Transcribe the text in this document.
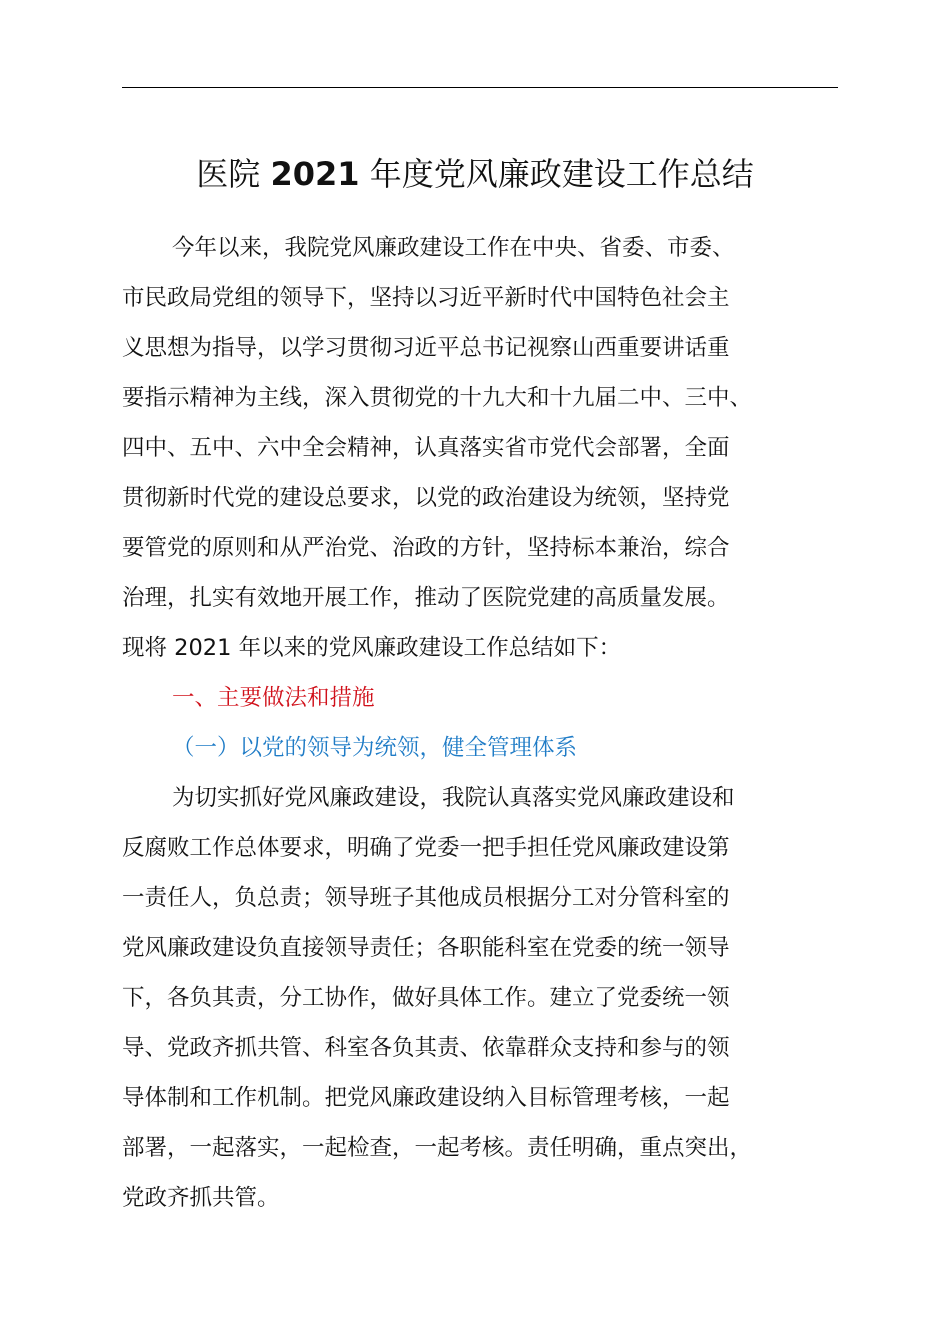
医院 2021 年度党风廉政建设工作总结
今年以来，我院党风廉政建设工作在中央、省委、市委、
市民政局党组的领导下，坚持以习近平新时代中国特色社会主
义思想为指导，以学习贯彻习近平总书记视察山西重要讲话重
要指示精神为主线，深入贯彻党的十九大和十九届二中、三中、
四中、五中、六中全会精神，认真落实省市党代会部署，全面
贯彻新时代党的建设总要求，以党的政治建设为统领，坚持党
要管党的原则和从严治党、治政的方针，坚持标本兼治，综合
治理，扎实有效地开展工作，推动了医院党建的高质量发展。
现将 2021 年以来的党风廉政建设工作总结如下：
一、主要做法和措施
（一）以党的领导为统领，健全管理体系
为切实抓好党风廉政建设，我院认真落实党风廉政建设和
反腐败工作总体要求，明确了党委一把手担任党风廉政建设第
一责任人，负总责；领导班子其他成员根据分工对分管科室的
党风廉政建设负直接领导责任；各职能科室在党委的统一领导
下，各负其责，分工协作，做好具体工作。建立了党委统一领
导、党政齐抓共管、科室各负其责、依靠群众支持和参与的领
导体制和工作机制。把党风廉政建设纳入目标管理考核，一起
部署，一起落实，一起检查，一起考核。责任明确，重点突出，
党政齐抓共管。
